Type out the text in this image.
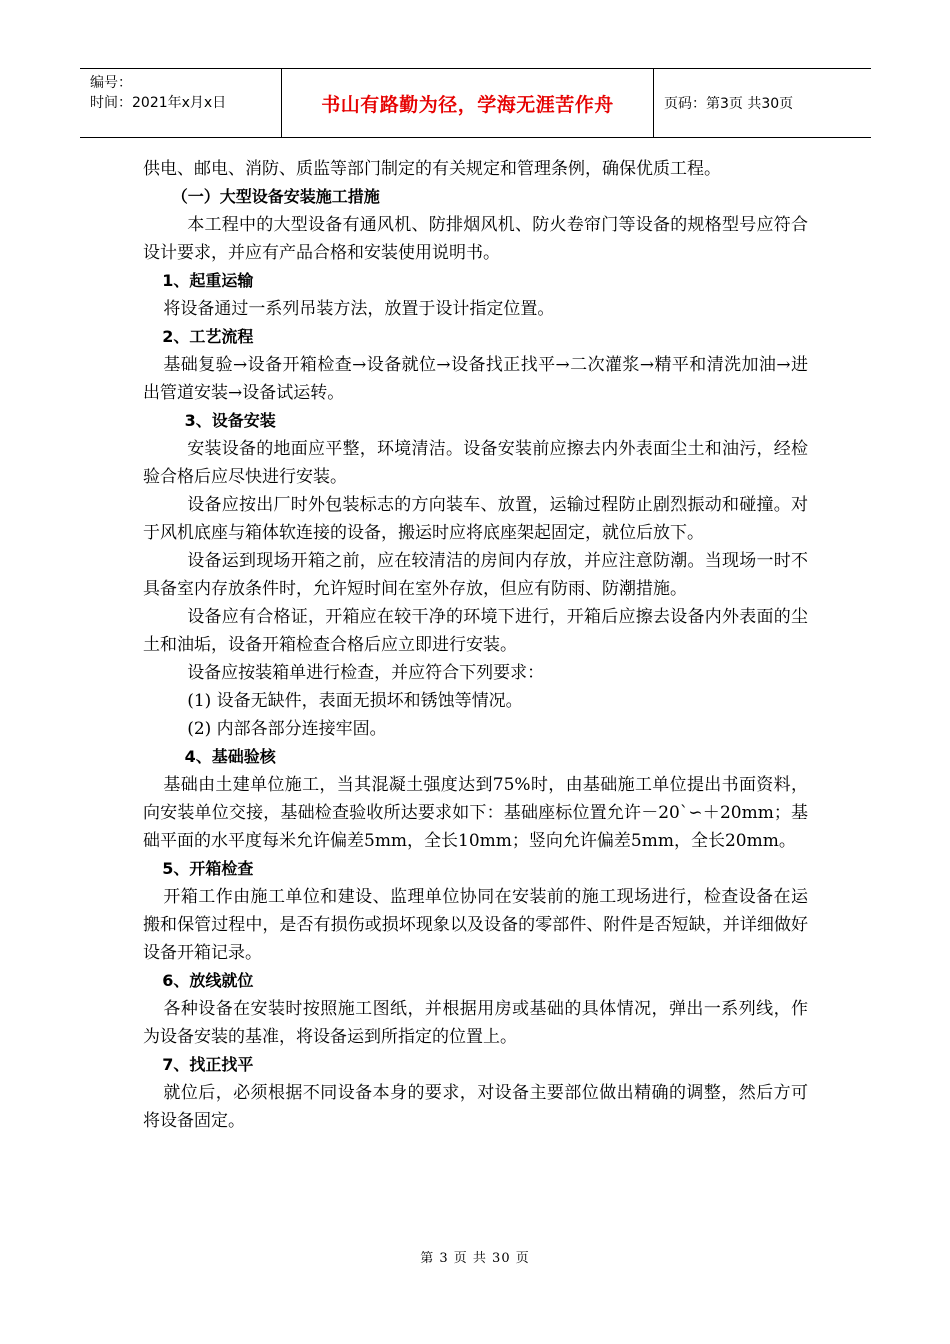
编号：
时间：2021年x月x日	书山有路勤为径，学海无涯苦作舟	页码：第3页 共30页

供电、邮电、消防、质监等部门制定的有关规定和管理条例，确保优质工程。

（一）大型设备安装施工措施

本工程中的大型设备有通风机、防排烟风机、防火卷帘门等设备的规格型号应符合设计要求，并应有产品合格和安装使用说明书。

1、起重运输

将设备通过一系列吊装方法，放置于设计指定位置。

2、工艺流程

基础复验→设备开箱检查→设备就位→设备找正找平→二次灌浆→精平和清洗加油→进出管道安装→设备试运转。

3、设备安装

安装设备的地面应平整，环境清洁。设备安装前应擦去内外表面尘土和油污，经检验合格后应尽快进行安装。

设备应按出厂时外包装标志的方向装车、放置，运输过程防止剧烈振动和碰撞。对于风机底座与箱体软连接的设备，搬运时应将底座架起固定，就位后放下。

设备运到现场开箱之前，应在较清洁的房间内存放，并应注意防潮。当现场一时不具备室内存放条件时，允许短时间在室外存放，但应有防雨、防潮措施。

设备应有合格证，开箱应在较干净的环境下进行，开箱后应擦去设备内外表面的尘土和油垢，设备开箱检查合格后应立即进行安装。

设备应按装箱单进行检查，并应符合下列要求：

(1) 设备无缺件，表面无损坏和锈蚀等情况。

(2) 内部各部分连接牢固。

4、基础验核

基础由土建单位施工，当其混凝土强度达到75%时，由基础施工单位提出书面资料，向安装单位交接，基础检查验收所达要求如下：基础座标位置允许－20`∽＋20mm；基础平面的水平度每米允许偏差5mm，全长10mm；竖向允许偏差5mm，全长20mm。

5、开箱检查

开箱工作由施工单位和建设、监理单位协同在安装前的施工现场进行，检查设备在运搬和保管过程中，是否有损伤或损坏现象以及设备的零部件、附件是否短缺，并详细做好设备开箱记录。

6、放线就位

各种设备在安装时按照施工图纸，并根据用房或基础的具体情况，弹出一系列线，作为设备安装的基准，将设备运到所指定的位置上。

7、找正找平

就位后，必须根据不同设备本身的要求，对设备主要部位做出精确的调整，然后方可将设备固定。

第 3 页 共 30 页
